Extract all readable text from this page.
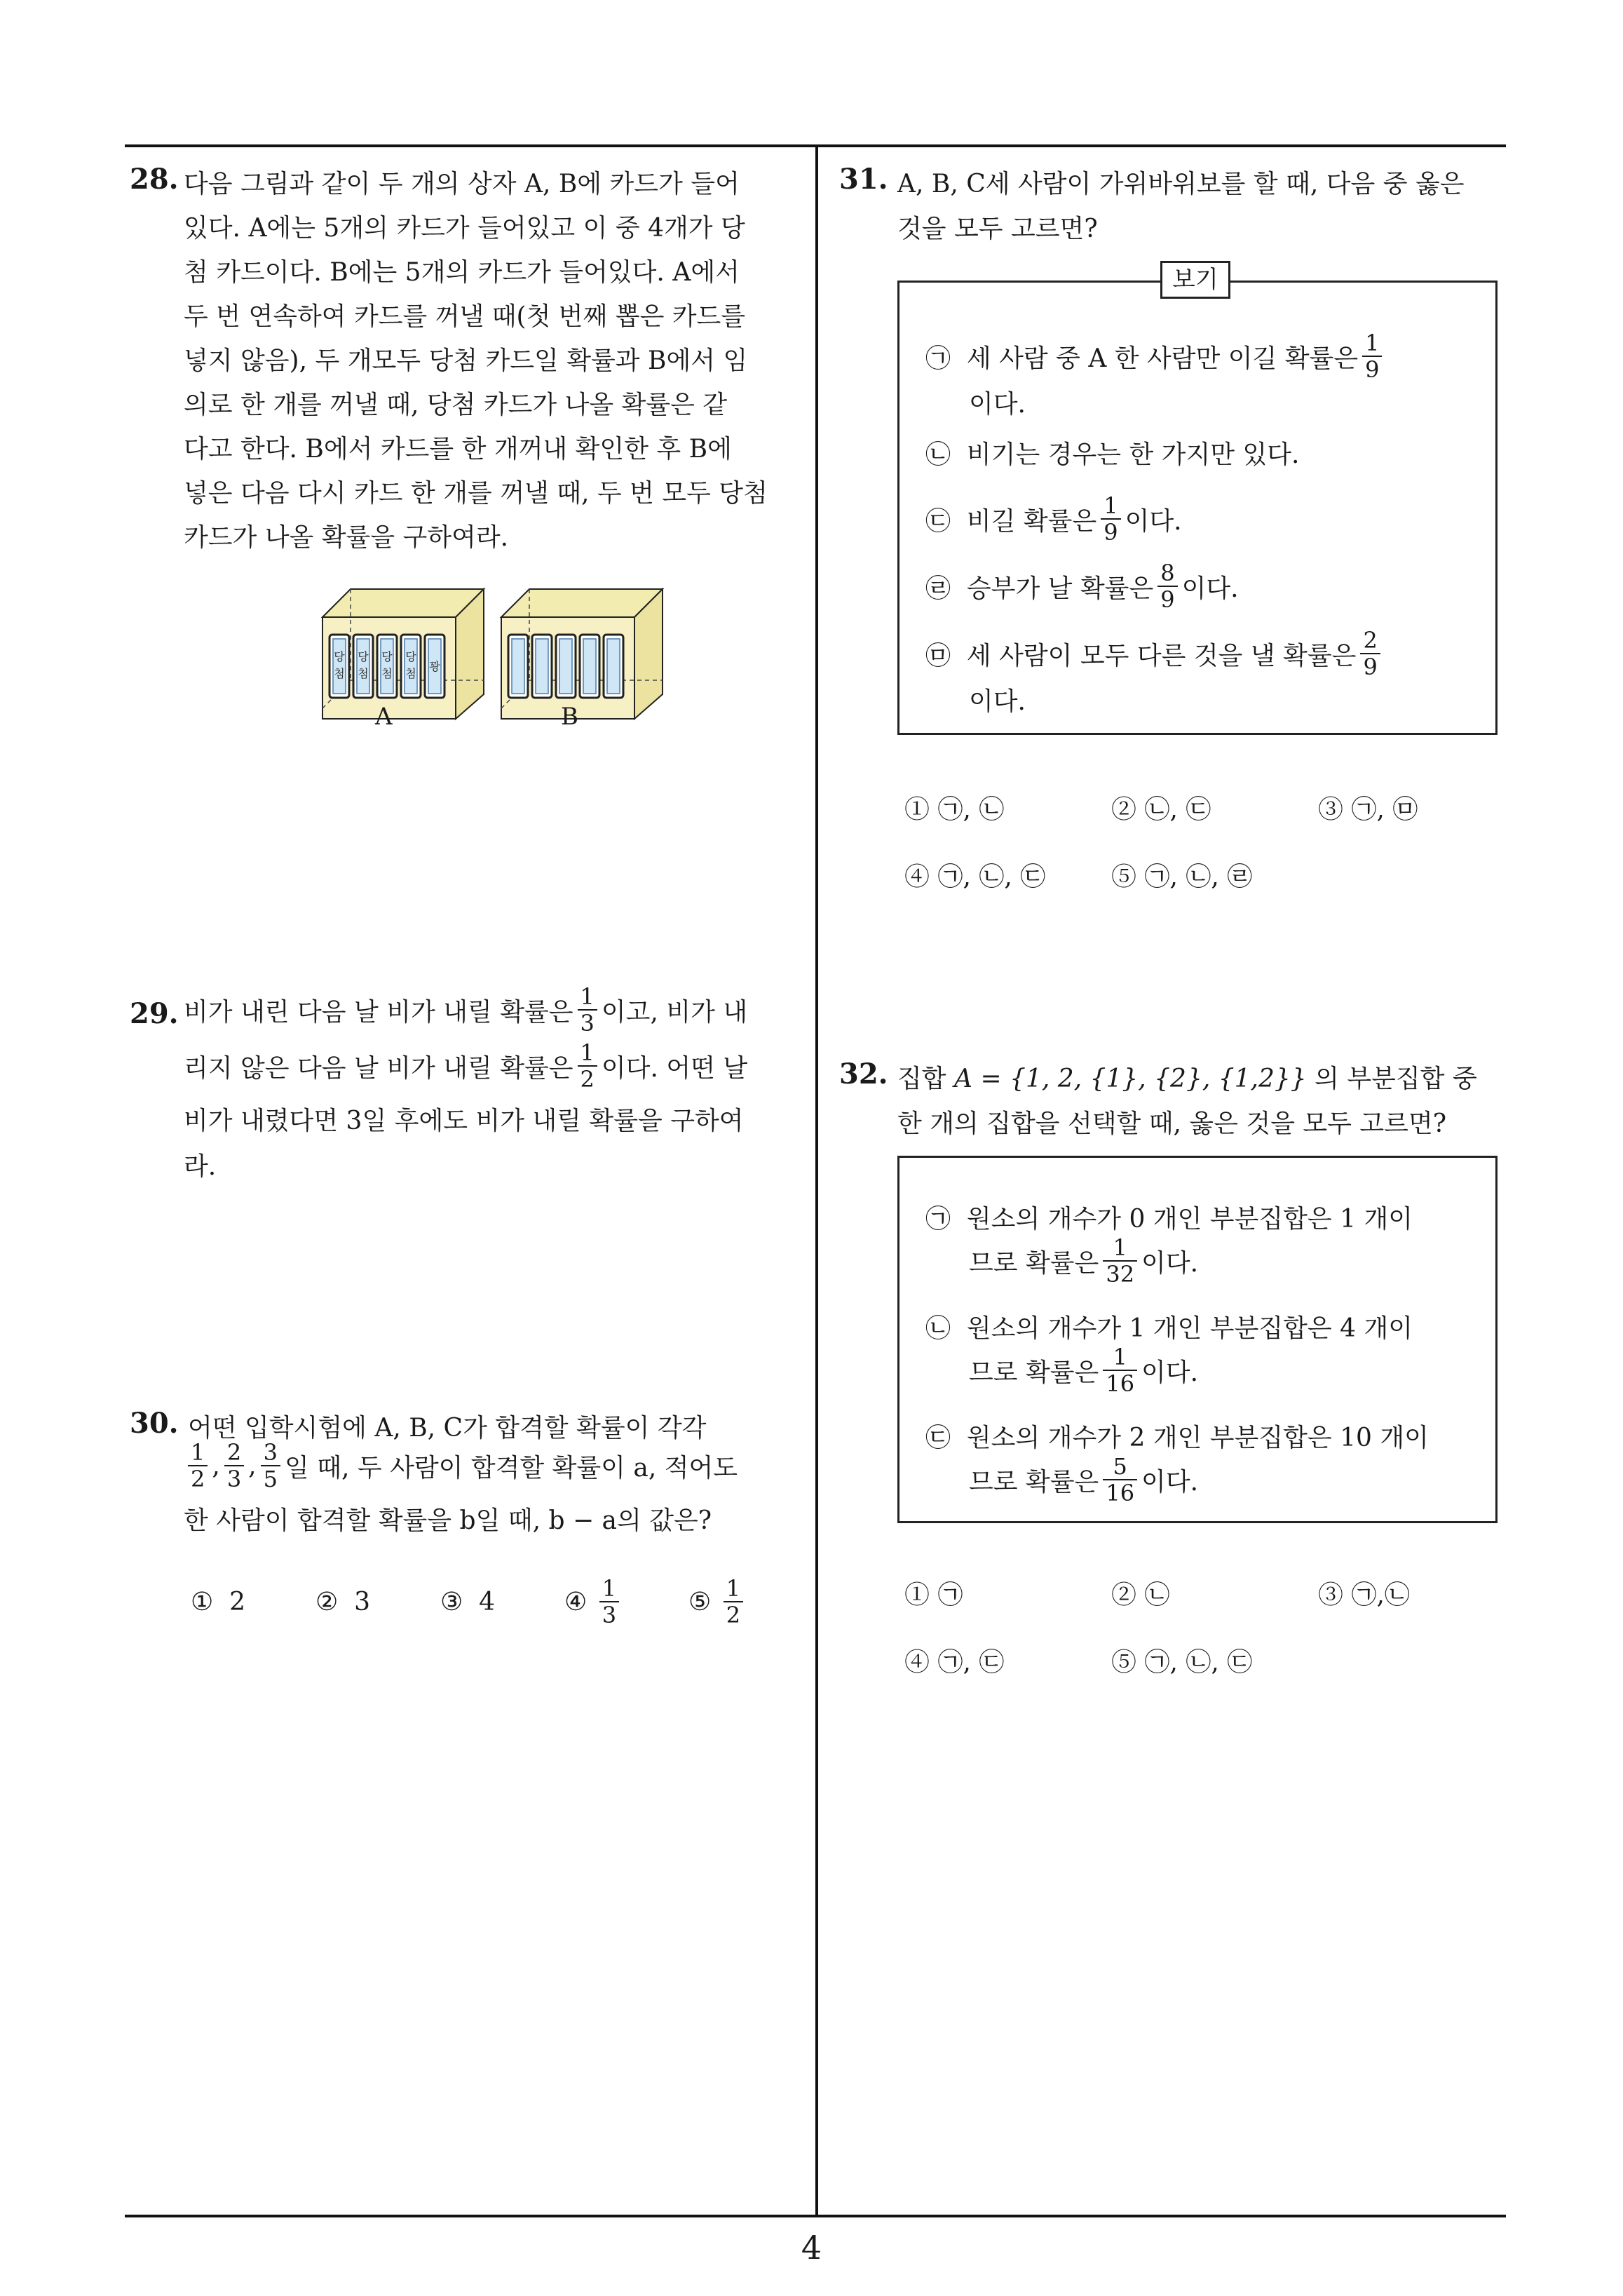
4
28. 다음 그림과 같이 두 개의 상자 A, B에 카드가 들어
있다. A에는 5개의 카드가 들어있고 이 중 4개가 당
첨 카드이다. B에는 5개의 카드가 들어있다. A에서
두 번 연속하여 카드를 꺼낼 때(첫 번째 뽑은 카드를
넣지 않음), 두 개모두 당첨 카드일 확률과 B에서 임
의로 한 개를 꺼낼 때, 당첨 카드가 나올 확률은 같
다고 한다. B에서 카드를 한 개꺼내 확인한 후 B에
넣은 다음 다시 카드 한 개를 꺼낼 때, 두 번 모두 당첨
카드가 나올 확률을 구하여라.
당
첨
당
첨
당
첨
당
첨
꽝
A	B
29. 비가 내린 다음 날 비가 내릴 확률은 $\frac{1}{3}$ 이고, 비가 내
리지 않은 다음 날 비가 내릴 확률은 $\frac{1}{2}$ 이다. 어떤 날
비가 내렸다면 3일 후에도 비가 내릴 확률을 구하여
라.
30. 어떤 입학시험에 A, B, C가 합격할 확률이 각각
$\frac{1}{2}$ , $\frac{2}{3}$ , $\frac{3}{5}$ 일 때, 두 사람이 합격할 확률이 a, 적어도
한 사람이 합격할 확률을 b일 때, b − a의 값은?
①
2	②
3	③
4	④
$\frac{1}{3}$	⑤
$\frac{1}{2}$
31. A, B, C세 사람이 가위바위보를 할 때, 다음 중 옳은
것을 모두 고르면?
보기
㉠
세 사람 중 A 한 사람만 이길 확률은 $\frac{1}{9}$
이다.
㉡ 비기는 경우는 한 가지만 있다.
㉢
비길 확률은 $\frac{1}{9}$ 이다.
㉣
승부가 날 확률은 $\frac{8}{9}$ 이다.
㉤
세 사람이 모두 다른 것을 낼 확률은 $\frac{2}{9}$
이다.
① ㉠, ㉡	② ㉡, ㉢	③ ㉠, ㉤
④ ㉠, ㉡, ㉢	⑤ ㉠, ㉡, ㉣
32. 집합 A = {1, 2, {1}, {2}, {1,2}} 의 부분집합 중
한 개의 집합을 선택할 때, 옳은 것을 모두 고르면?
㉠ 원소의 개수가 0 개인 부분집합은 1 개이
므로 확률은 $\frac{1}{32}$ 이다.
㉡ 원소의 개수가 1 개인 부분집합은 4 개이
므로 확률은 $\frac{1}{16}$ 이다.
㉢ 원소의 개수가 2 개인 부분집합은 10 개이
므로 확률은 $\frac{5}{16}$ 이다.
① ㉠	② ㉡	③ ㉠,㉡
④ ㉠, ㉢	⑤ ㉠, ㉡, ㉢
